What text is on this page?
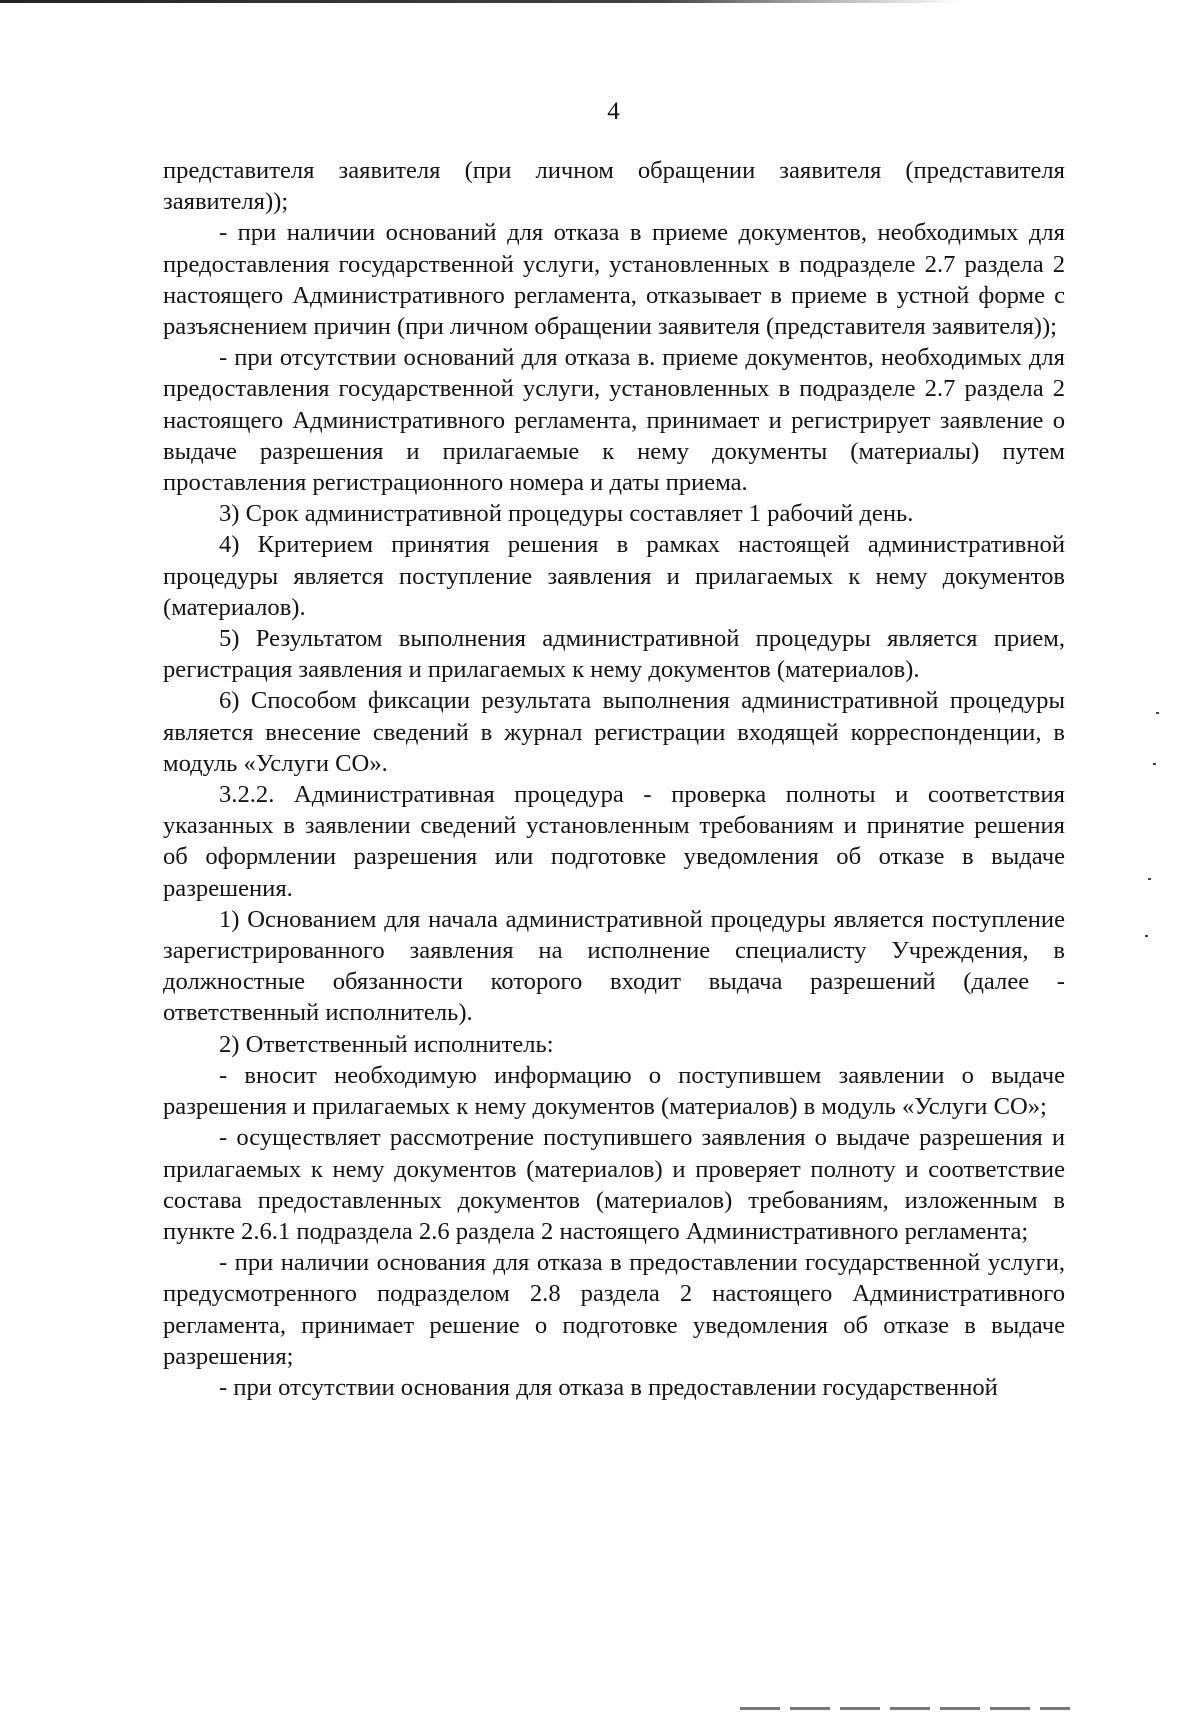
4

представителя заявителя (при личном обращении заявителя (представителя заявителя));

- при наличии оснований для отказа в приеме документов, необходимых для предоставления государственной услуги, установленных в подразделе 2.7 раздела 2 настоящего Административного регламента, отказывает в приеме в устной форме с разъяснением причин (при личном обращении заявителя (представителя заявителя));

- при отсутствии оснований для отказа в. приеме документов, необходимых для предоставления государственной услуги, установленных в подразделе 2.7 раздела 2 настоящего Административного регламента, принимает и регистрирует заявление о выдаче разрешения и прилагаемые к нему документы (материалы) путем проставления регистрационного номера и даты приема.

3) Срок административной процедуры составляет 1 рабочий день.

4) Критерием принятия решения в рамках настоящей административной процедуры является поступление заявления и прилагаемых к нему документов (материалов).

5) Результатом выполнения административной процедуры является прием, регистрация заявления и прилагаемых к нему документов (материалов).

6) Способом фиксации результата выполнения административной процедуры является внесение сведений в журнал регистрации входящей корреспонденции, в модуль «Услуги СО».

3.2.2. Административная процедура - проверка полноты и соответствия указанных в заявлении сведений установленным требованиям и принятие решения об оформлении разрешения или подготовке уведомления об отказе в выдаче разрешения.

1) Основанием для начала административной процедуры является поступление зарегистрированного заявления на исполнение специалисту Учреждения, в должностные обязанности которого входит выдача разрешений (далее - ответственный исполнитель).

2) Ответственный исполнитель:

- вносит необходимую информацию о поступившем заявлении о выдаче разрешения и прилагаемых к нему документов (материалов) в модуль «Услуги СО»;

- осуществляет рассмотрение поступившего заявления о выдаче разрешения и прилагаемых к нему документов (материалов) и проверяет полноту и соответствие состава предоставленных документов (материалов) требованиям, изложенным в пункте 2.6.1 подраздела 2.6 раздела 2 настоящего Административного регламента;

- при наличии основания для отказа в предоставлении государственной услуги, предусмотренного подразделом 2.8 раздела 2 настоящего Административного регламента, принимает решение о подготовке уведомления об отказе в выдаче разрешения;

- при отсутствии основания для отказа в предоставлении государственной
